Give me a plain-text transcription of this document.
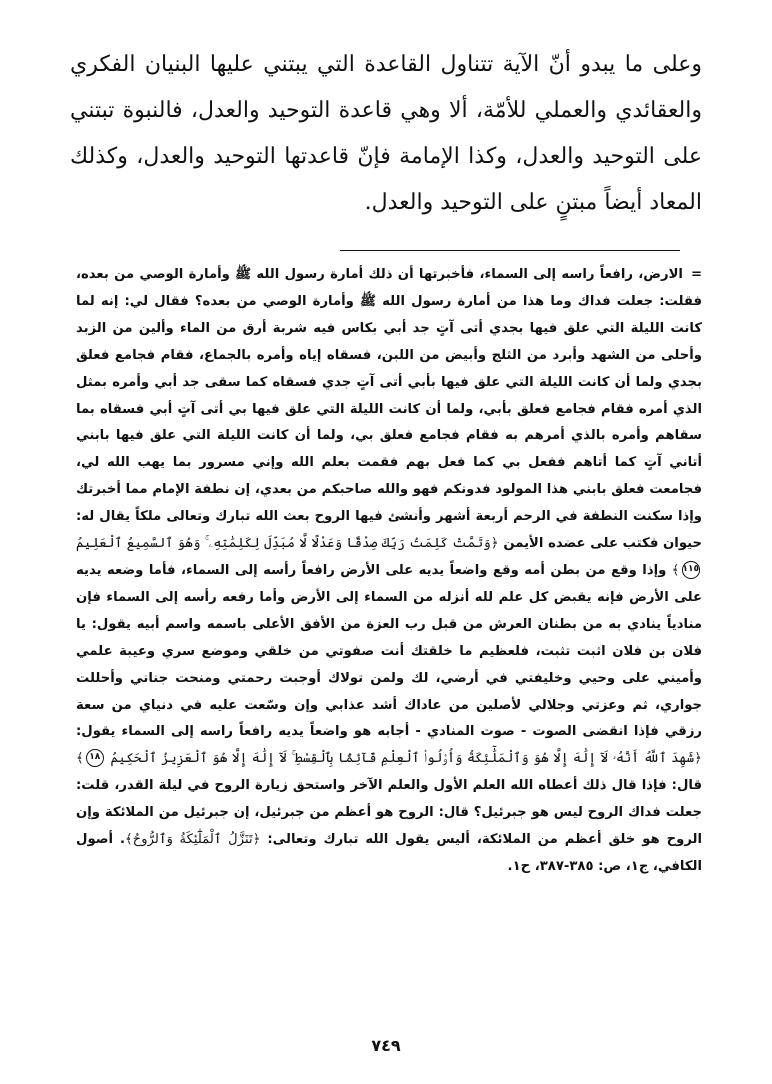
وعلى ما يبدو أنّ الآية تتناول القاعدة التي يبتني عليها البنيان الفكري والعقائدي والعملي للأمّة، ألا وهي قاعدة التوحيد والعدل، فالنبوة تبتني على التوحيد والعدل، وكذا الإمامة فإنّ قاعدتها التوحيد والعدل، وكذلك المعاد أيضاً مبتنٍ على التوحيد والعدل.

=الارض، رافعاً راسه إلى السماء، فأخبرتها أن ذلك أمارة رسول الله ﷺ وأمارة الوصي من بعده، فقلت: جعلت فداك وما هذا من أمارة رسول الله ﷺ وأمارة الوصي من بعده؟ فقال لي: إنه لما كانت الليلة التي علق فيها بجدي أتى آتٍ جد أبي بكاس فيه شربة أرق من الماء وألين من الزبد وأحلى من الشهد وأبرد من الثلج وأبيض من اللبن، فسقاه إياه وأمره بالجماع، فقام فجامع فعلق بجدي ولما أن كانت الليلة التي علق فيها بأبي أتى آتٍ جدي فسقاه كما سقى جد أبي وأمره بمثل الذي أمره فقام فجامع فعلق بأبي، ولما أن كانت الليلة التي علق فيها بي أتى آتٍ أبي فسقاه بما سقاهم وأمره بالذي أمرهم به فقام فجامع فعلق بي، ولما أن كانت الليلة التي علق فيها بابني أتاني آتٍ كما أتاهم ففعل بي كما فعل بهم فقمت بعلم الله وإني مسرور بما يهب الله لي، فجامعت فعلق بابني هذا المولود فدونكم فهو والله صاحبكم من بعدي، إن نطفة الإمام مما أخبرتك وإذا سكنت النطفة في الرحم أربعة أشهر وأنشئ فيها الروح بعث الله تبارك وتعالى ملكاً يقال له: حيوان فكتب على عضده الأيمن ﴿وَتَمَّتْ كَلِمَتُ رَبِّكَ صِدْقًا وَعَدْلًا لَّا مُبَدِّلَ لِكَلِمَٰتِهِۦ ۚ وَهُوَ ٱلسَّمِيعُ ٱلْعَلِيمُ ١١٥﴾ وإذا وقع من بطن أمه وقع واضعاً يديه على الأرض رافعاً رأسه إلى السماء، فأما وضعه يديه على الأرض فإنه يقبض كل علم لله أنزله من السماء إلى الأرض وأما رفعه رأسه إلى السماء فإن منادياً ينادي به من بطنان العرش من قبل رب العزة من الأفق الأعلى باسمه واسم أبيه يقول: يا فلان بن فلان اثبت تثبت، فلعظيم ما خلقتك أنت صفوتي من خلقي وموضع سري وعيبة علمي وأميني على وحيي وخليفتي في أرضي، لك ولمن تولاك أوجبت رحمتي ومنحت جناني وأحللت جواري، ثم وعزتي وجلالي لأصلين من عاداك أشد عذابي وإن وسّعت عليه في دنياي من سعة رزقي فإذا انقضى الصوت - صوت المنادي - أجابه هو واضعاً يديه رافعاً راسه إلى السماء يقول: ﴿شَهِدَ ٱللَّهُ أَنَّهُۥ لَآ إِلَٰهَ إِلَّا هُوَ وَٱلْمَلَٰٓئِكَةُ وَأُو۟لُوا۟ ٱلْعِلْمِ قَآئِمًۢا بِٱلْقِسْطِ ۚ لَآ إِلَٰهَ إِلَّا هُوَ ٱلْعَزِيزُ ٱلْحَكِيمُ ١٨﴾ قال: فإذا قال ذلك أعطاه الله العلم الأول والعلم الآخر واستحق زيارة الروح في ليلة القدر، قلت: جعلت فداك الروح ليس هو جبرئيل؟ قال: الروح هو أعظم من جبرئيل، إن جبرئيل من الملائكة وإن الروح هو خلق أعظم من الملائكة، أليس يقول الله تبارك وتعالى: ﴿تَنَزَّلُ ٱلْمَلَٰٓئِكَةُ وَٱلرُّوحُ﴾. أصول الكافي، ج١، ص: ٣٨٥-٣٨٧، ح١.

٧٤٩
